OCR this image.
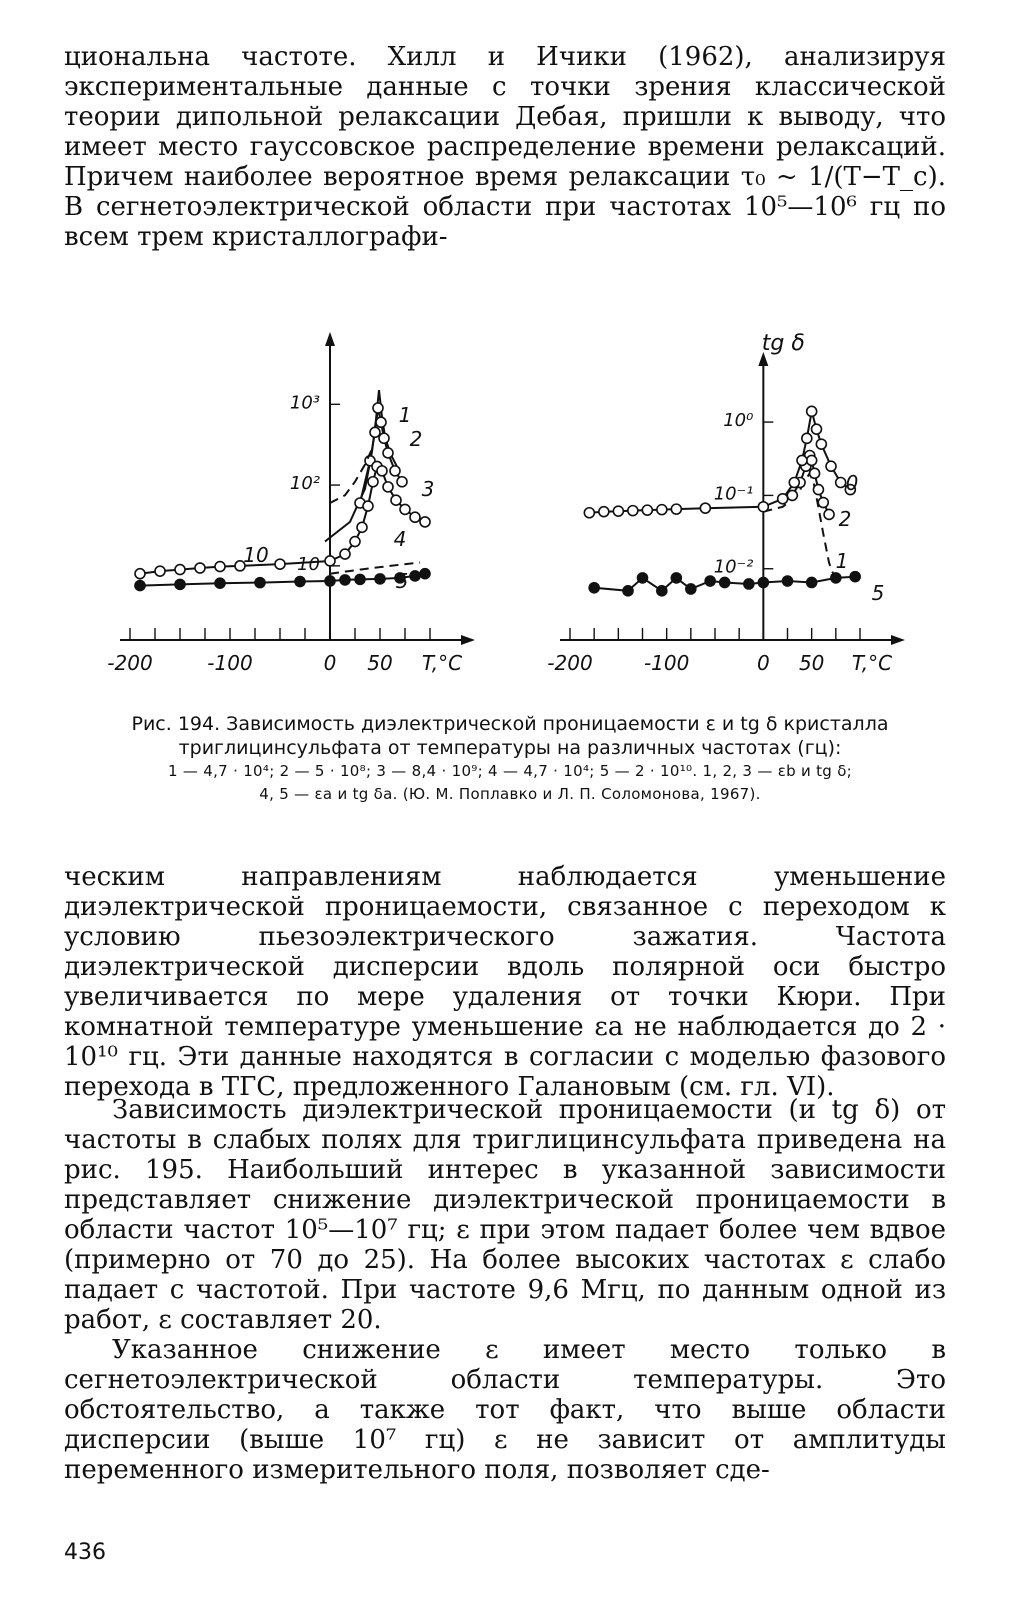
циональна частоте. Хилл и Ичики (1962), анализируя экспериментальные данные с точки зрения классической теории дипольной релаксации Дебая, пришли к выводу, что имеет место гауссовское распределение времени релаксаций. Причем наиболее вероятное время релаксации τ₀ ~ 1/(T−T_c). В сегнетоэлектрической области при частотах 10⁵—10⁶ гц по всем трем кристаллографи-

-200	-100	0 50 T,°C
10
10²
10³
1
2
3
4
5
10
-200	-100	0 50 T,°C
10⁻²
10⁻¹
10⁰
tg δ
1
2
5
0
Рис. 194. Зависимость диэлектрической проницаемости ε и tg δ кристалла
триглицинсульфата от температуры на различных частотах (гц):
1 — 4,7 · 10⁴; 2 — 5 · 10⁸; 3 — 8,4 · 10⁹; 4 — 4,7 · 10⁴; 5 — 2 · 10¹⁰. 1, 2, 3 — εb и tg δ;
4, 5 — εa и tg δa. (Ю. М. Поплавко и Л. П. Соломонова, 1967).

ческим направлениям наблюдается уменьшение диэлектрической проницаемости, связанное с переходом к условию пьезоэлектрического зажатия. Частота диэлектрической дисперсии вдоль полярной оси быстро увеличивается по мере удаления от точки Кюри. При комнатной температуре уменьшение εa не наблюдается до 2 · 10¹⁰ гц. Эти данные находятся в согласии с моделью фазового перехода в ТГС, предложенного Галановым (см. гл. VI).

Зависимость диэлектрической проницаемости (и tg δ) от частоты в слабых полях для триглицинсульфата приведена на рис. 195. Наибольший интерес в указанной зависимости представляет снижение диэлектрической проницаемости в области частот 10⁵—10⁷ гц; ε при этом падает более чем вдвое (примерно от 70 до 25). На более высоких частотах ε слабо падает с частотой. При частоте 9,6 Мгц, по данным одной из работ, ε составляет 20.

Указанное снижение ε имеет место только в сегнетоэлектрической области температуры. Это обстоятельство, а также тот факт, что выше области дисперсии (выше 10⁷ гц) ε не зависит от амплитуды переменного измерительного поля, позволяет сде-

436
